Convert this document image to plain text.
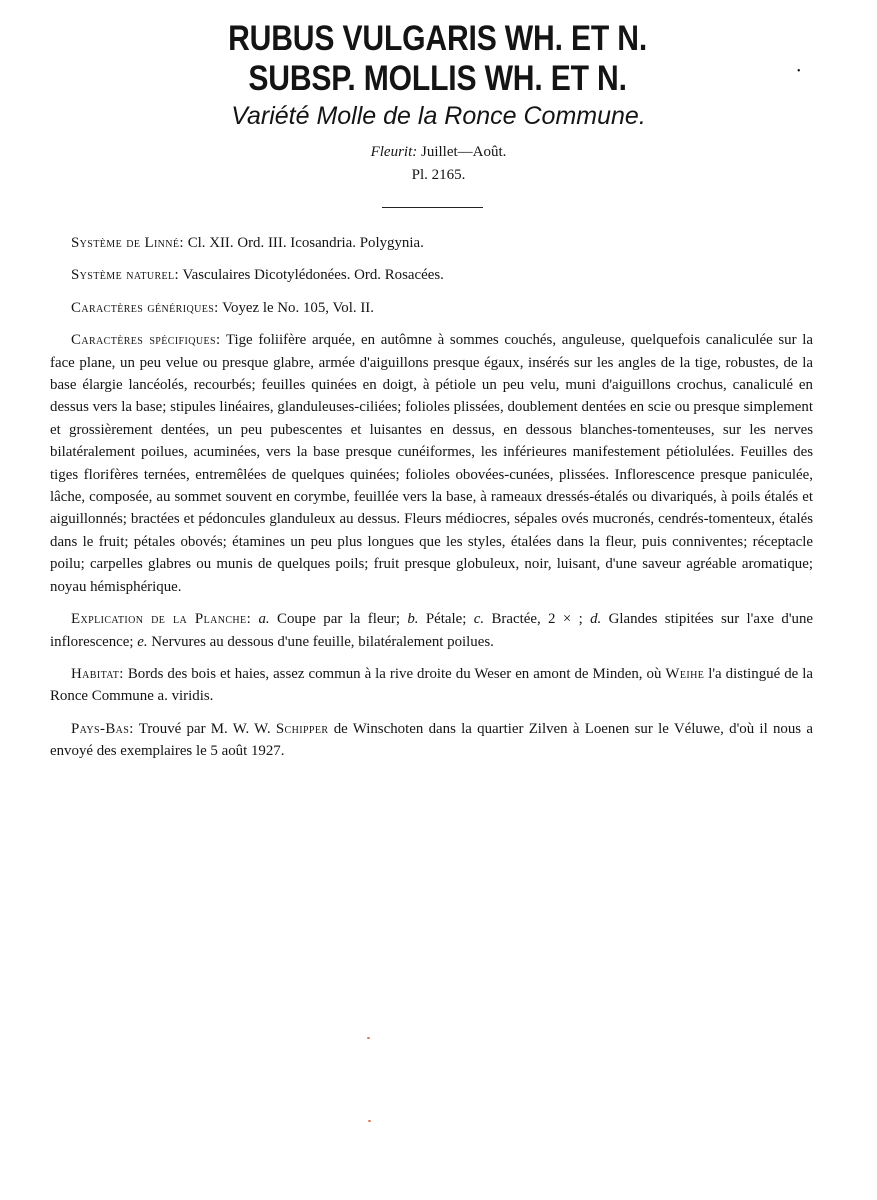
RUBUS VULGARIS WH. ET N.
SUBSP. MOLLIS WH. ET N.
Variété Molle de la Ronce Commune.
Fleurit: Juillet—Août.
Pl. 2165.
•

Système de Linné: Cl. XII. Ord. III. Icosandria. Polygynia.

Système naturel: Vasculaires Dicotylédonées. Ord. Rosacées.

Caractères génériques: Voyez le No. 105, Vol. II.

Caractères spécifiques: Tige foliifère arquée, en autômne à sommes couchés, anguleuse, quelquefois canaliculée sur la face plane, un peu velue ou presque glabre, armée d'aiguillons presque égaux, insérés sur les angles de la tige, robustes, de la base élargie lancéolés, recourbés; feuilles quinées en doigt, à pétiole un peu velu, muni d'aiguillons crochus, canaliculé en dessus vers la base; stipules linéaires, glanduleuses-ciliées; folioles plissées, doublement dentées en scie ou presque simplement et grossièrement dentées, un peu pubescentes et luisantes en dessus, en dessous blanches-tomenteuses, sur les nerves bilatéralement poilues, acuminées, vers la base presque cunéiformes, les inférieures manifestement pétiolulées. Feuilles des tiges florifères ternées, entremêlées de quelques quinées; folioles obovées-cunées, plissées. Inflorescence presque paniculée, lâche, composée, au sommet souvent en corymbe, feuillée vers la base, à rameaux dressés-étalés ou divariqués, à poils étalés et aiguillonnés; bractées et pédoncules glanduleux au dessus. Fleurs médiocres, sépales ovés mucronés, cendrés-tomenteux, étalés dans le fruit; pétales obovés; étamines un peu plus longues que les styles, étalées dans la fleur, puis conniventes; réceptacle poilu; carpelles glabres ou munis de quelques poils; fruit presque globuleux, noir, luisant, d'une saveur agréable aromatique; noyau hémisphérique.

Explication de la Planche: a. Coupe par la fleur; b. Pétale; c. Bractée, 2 × ; d. Glandes stipitées sur l'axe d'une inflorescence; e. Nervures au dessous d'une feuille, bilatéralement poilues.

Habitat: Bords des bois et haies, assez commun à la rive droite du Weser en amont de Minden, où Weihe l'a distingué de la Ronce Commune a. viridis.

Pays-Bas: Trouvé par M. W. W. Schipper de Winschoten dans la quartier Zilven à Loenen sur le Véluwe, d'où il nous a envoyé des exemplaires le 5 août 1927.
